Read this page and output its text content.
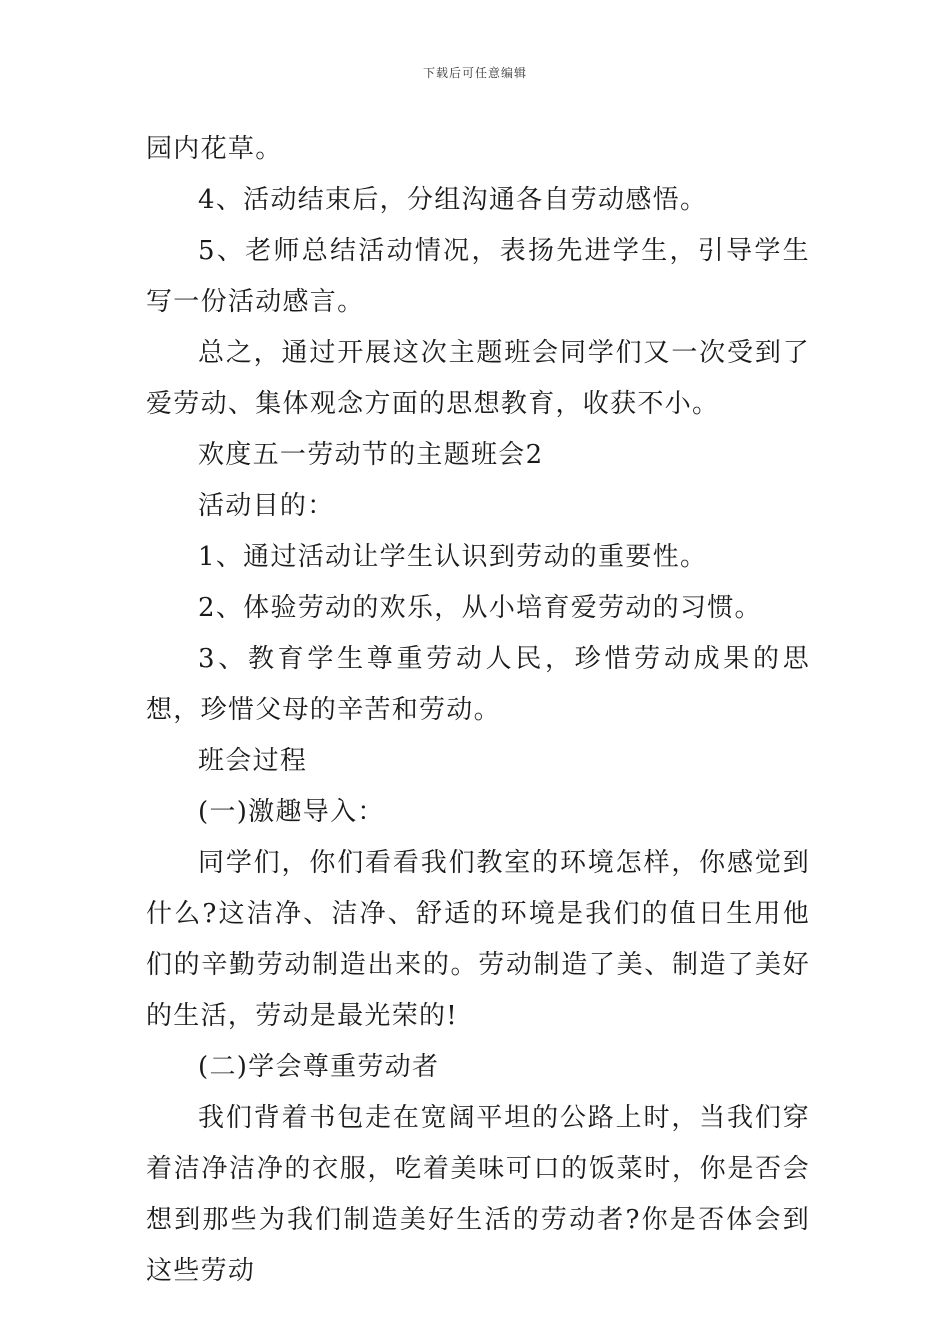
下载后可任意编辑

园内花草。

4、活动结束后，分组沟通各自劳动感悟。

5、老师总结活动情况，表扬先进学生，引导学生写一份活动感言。

总之，通过开展这次主题班会同学们又一次受到了爱劳动、集体观念方面的思想教育，收获不小。

欢度五一劳动节的主题班会2

活动目的：

1、通过活动让学生认识到劳动的重要性。

2、体验劳动的欢乐，从小培育爱劳动的习惯。

3、教育学生尊重劳动人民，珍惜劳动成果的思想，珍惜父母的辛苦和劳动。

班会过程

(一)激趣导入：

同学们，你们看看我们教室的环境怎样，你感觉到什么?这洁净、洁净、舒适的环境是我们的值日生用他们的辛勤劳动制造出来的。劳动制造了美、制造了美好的生活，劳动是最光荣的!

(二)学会尊重劳动者

我们背着书包走在宽阔平坦的公路上时，当我们穿着洁净洁净的衣服，吃着美味可口的饭菜时，你是否会想到那些为我们制造美好生活的劳动者?你是否体会到这些劳动
